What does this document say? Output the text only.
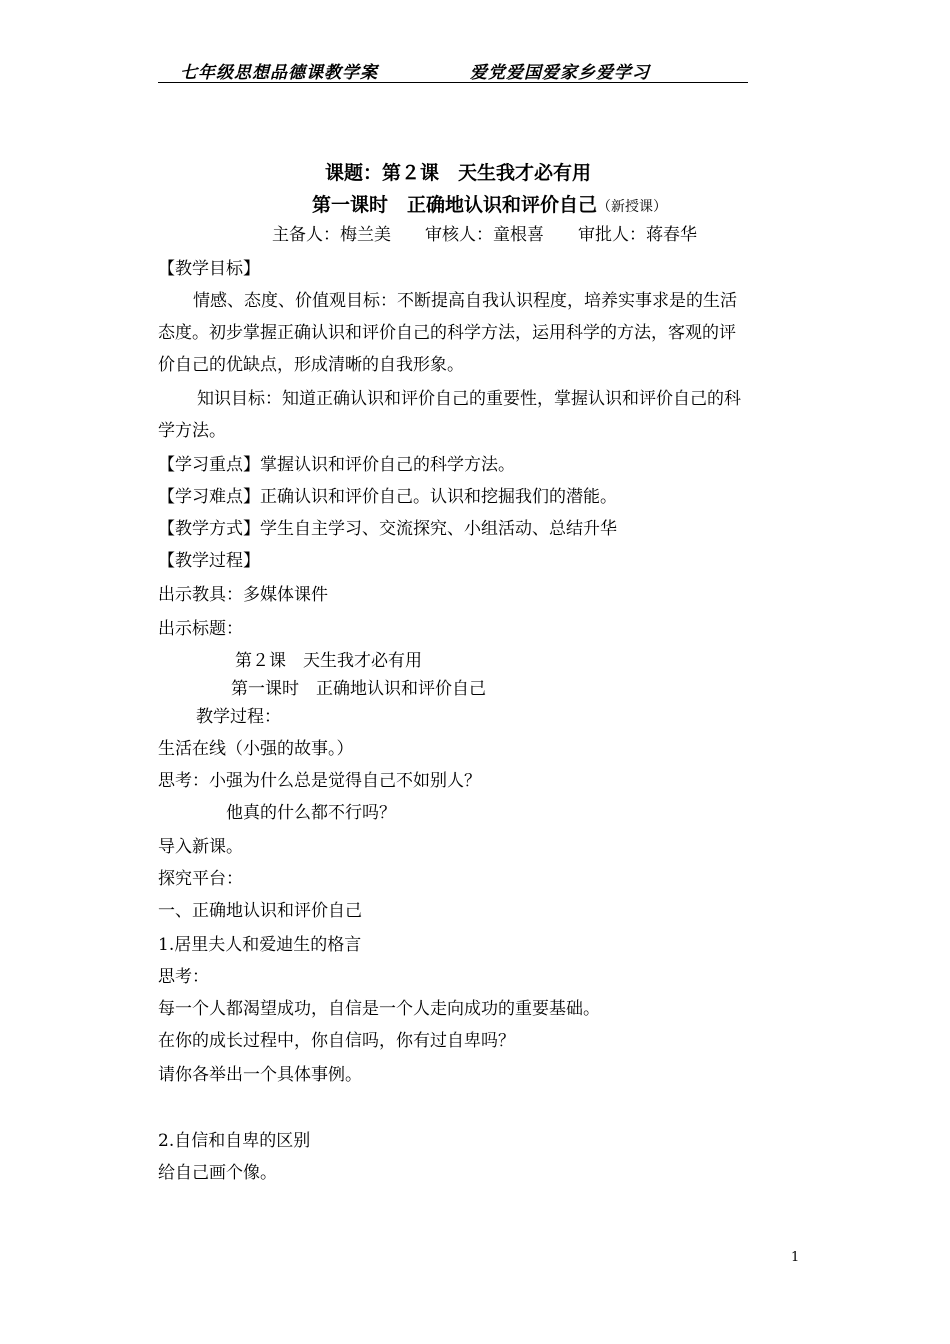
七年级思想品德课教学案	爱党爱国爱家乡爱学习
课题：第２课　天生我才必有用
第一课时　正确地认识和评价自己（新授课）
主备人：梅兰美　　审核人：童根喜　　审批人：蒋春华
【教学目标】
情感、态度、价值观目标：不断提高自我认识程度，培养实事求是的生活
态度。初步掌握正确认识和评价自己的科学方法，运用科学的方法，客观的评
价自己的优缺点，形成清晰的自我形象。
知识目标：知道正确认识和评价自己的重要性，掌握认识和评价自己的科
学方法。
【学习重点】掌握认识和评价自己的科学方法。
【学习难点】正确认识和评价自己。认识和挖掘我们的潜能。
【教学方式】学生自主学习、交流探究、小组活动、总结升华
【教学过程】
出示教具：多媒体课件
出示标题：
第２课　天生我才必有用
第一课时　正确地认识和评价自己
教学过程：
生活在线（小强的故事。）
思考：小强为什么总是觉得自己不如别人？
他真的什么都不行吗？
导入新课。
探究平台：
一、正确地认识和评价自己
1.居里夫人和爱迪生的格言
思考：
每一个人都渴望成功，自信是一个人走向成功的重要基础。
在你的成长过程中，你自信吗，你有过自卑吗？
请你各举出一个具体事例。
2.自信和自卑的区别
给自己画个像。
1
